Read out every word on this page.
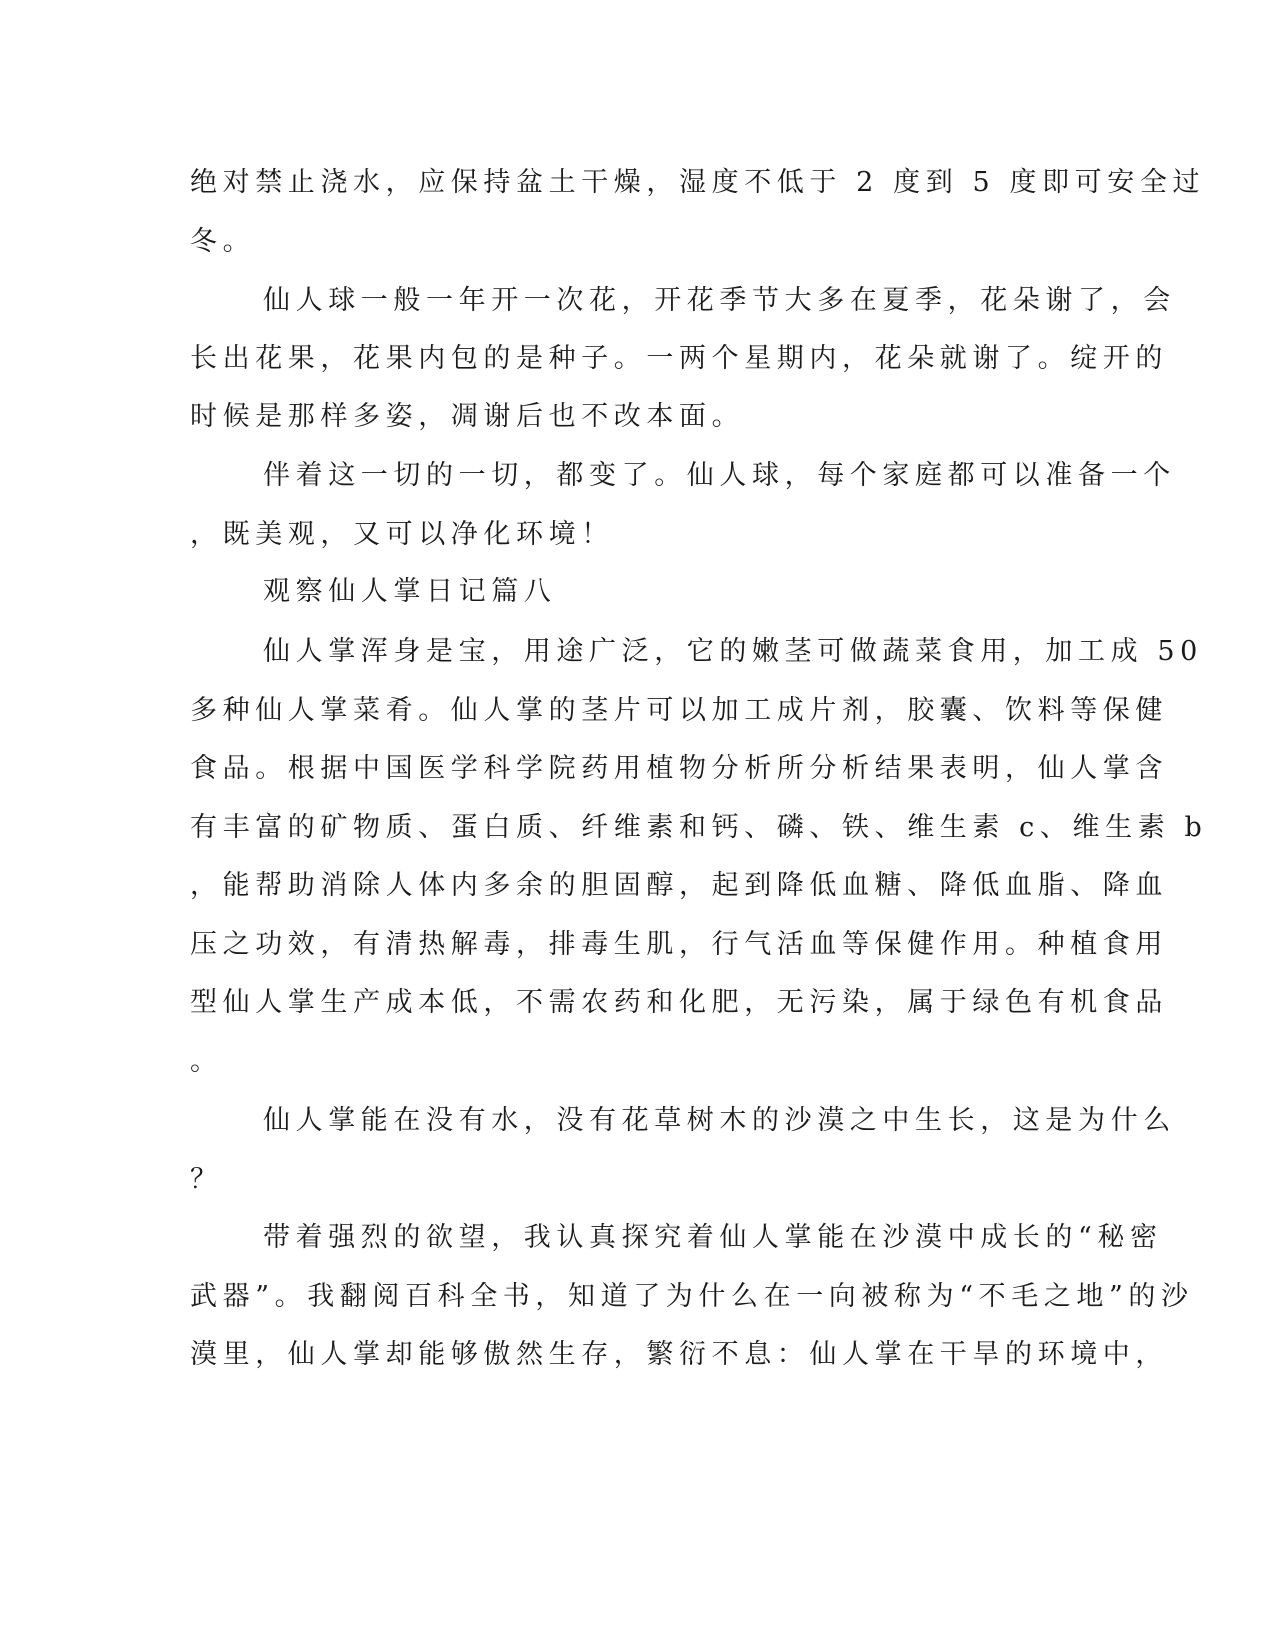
绝对禁止浇水，应保持盆土干燥，湿度不低于 2 度到 5 度即可安全过

冬。

仙人球一般一年开一次花，开花季节大多在夏季，花朵谢了，会

长出花果，花果内包的是种子。一两个星期内，花朵就谢了。绽开的

时候是那样多姿，凋谢后也不改本面。

伴着这一切的一切，都变了。仙人球，每个家庭都可以准备一个

，既美观，又可以净化环境！

观察仙人掌日记篇八

仙人掌浑身是宝，用途广泛，它的嫩茎可做蔬菜食用，加工成 50

多种仙人掌菜肴。仙人掌的茎片可以加工成片剂，胶囊、饮料等保健

食品。根据中国医学科学院药用植物分析所分析结果表明，仙人掌含

有丰富的矿物质、蛋白质、纤维素和钙、磷、铁、维生素 c、维生素 b

，能帮助消除人体内多余的胆固醇，起到降低血糖、降低血脂、降血

压之功效，有清热解毒，排毒生肌，行气活血等保健作用。种植食用

型仙人掌生产成本低，不需农药和化肥，无污染，属于绿色有机食品

。

仙人掌能在没有水，没有花草树木的沙漠之中生长，这是为什么

？

带着强烈的欲望，我认真探究着仙人掌能在沙漠中成长的“秘密

武器”。我翻阅百科全书，知道了为什么在一向被称为“不毛之地”的沙

漠里，仙人掌却能够傲然生存，繁衍不息：仙人掌在干旱的环境中，
